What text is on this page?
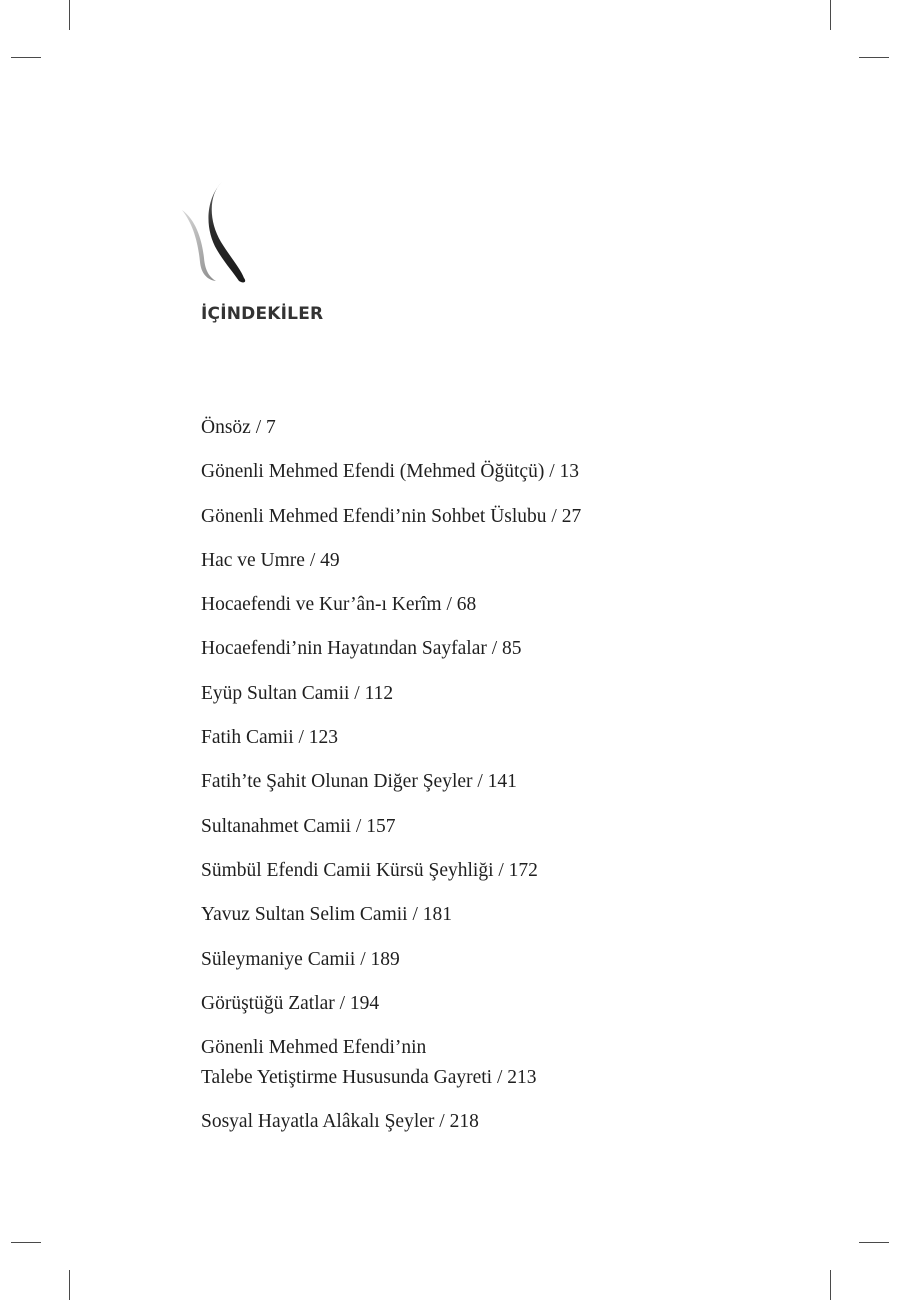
İÇİNDEKİLER
Önsöz / 7
Gönenli Mehmed Efendi (Mehmed Öğütçü) / 13
Gönenli Mehmed Efendi’nin Sohbet Üslubu / 27
Hac ve Umre / 49
Hocaefendi ve Kur’ân-ı Kerîm / 68
Hocaefendi’nin Hayatından Sayfalar / 85
Eyüp Sultan Camii / 112
Fatih Camii / 123
Fatih’te Şahit Olunan Diğer Şeyler / 141
Sultanahmet Camii / 157
Sümbül Efendi Camii Kürsü Şeyhliği / 172
Yavuz Sultan Selim Camii / 181
Süleymaniye Camii / 189
Görüştüğü Zatlar / 194
Gönenli Mehmed Efendi’nin
Talebe Yetiştirme Hususunda Gayreti / 213
Sosyal Hayatla Alâkalı Şeyler / 218
